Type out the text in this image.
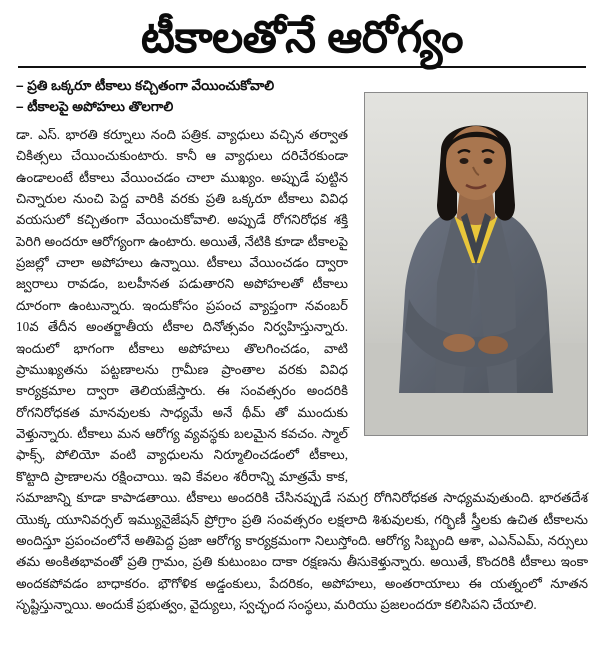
టీకాలతోనే ఆరోగ్యం
– ప్రతి ఒక్కరూ టీకాలు కచ్చితంగా వేయించుకోవాలి
– టీకాలపై అపోహలు తొలగాలి

డా. ఎస్. భారతి కర్నూలు నంది పత్రిక. వ్యాధులు వచ్చిన తర్వాత చికిత్సలు చేయించుకుంటారు. కానీ ఆ వ్యాధులు దరిచేరకుండా ఉండాలంటే టీకాలు వేయించడం చాలా ముఖ్యం. అప్పుడే పుట్టిన చిన్నారుల నుంచి పెద్ద వారికి వరకు ప్రతి ఒక్కరూ టీకాలు వివిధ వయసులో కచ్చితంగా వేయించుకోవాలి. అప్పుడే రోగనిరోధక శక్తి పెరిగి అందరూ ఆరోగ్యంగా ఉంటారు. అయితే, నేటికి కూడా టీకాలపై ప్రజల్లో చాలా అపోహలు ఉన్నాయి. టీకాలు వేయించడం ద్వారా జ్వరాలు రావడం, బలహీనత పడుతారని అపోహలతో టీకాలు దూరంగా ఉంటున్నారు. ఇందుకోసం ప్రపంచ వ్యాప్తంగా నవంబర్ 10వ తేదీన అంతర్జాతీయ టీకాల దినోత్సవం నిర్వహిస్తున్నారు. ఇందులో భాగంగా టీకాలు అపోహలు తొలగించడం, వాటి ప్రాముఖ్యతను పట్టణాలను గ్రామీణ ప్రాంతాల వరకు వివిధ కార్యక్రమాల ద్వారా తెలియజేస్తారు. ఈ సంవత్సరం అందరికి రోగనిరోధకత మానవులకు సాధ్యమే అనే థీమ్ తో ముందుకు వెళ్తున్నారు. టీకాలు మన ఆరోగ్య వ్యవస్థకు బలమైన కవచం. స్మాల్ ఫాక్స్, పోలియో వంటి వ్యాధులను నిర్మూలించడంలో టీకాలు, కొట్టాది ప్రాణాలను రక్షించాయి. ఇవి కేవలం శరీరాన్ని మాత్రమే కాక, సమాజాన్ని కూడా కాపాడతాయి. టీకాలు అందరికి చేసినప్పుడే సమగ్ర రోగినిరోధకత సాధ్యమవుతుంది. భారతదేశ యొక్క యూనివర్సల్ ఇమ్యునైజేషన్ ప్రోగ్రాం ప్రతి సంవత్సరం లక్షలాది శిశువులకు, గర్భిణీ స్త్రీలకు ఉచిత టీకాలను అందిస్తూ ప్రపంచంలోనే అతిపెద్ద ప్రజా ఆరోగ్య కార్యక్రమంగా నిలుస్తోంది. ఆరోగ్య సిబ్బంది ఆశా, ఎఎన్ఎమ్, నర్సులు తమ అంకితభావంతో ప్రతి గ్రామం, ప్రతి కుటుంబం దాకా రక్షణను తీసుకెళ్తున్నారు. అయితే, కొందరికి టీకాలు ఇంకా అందకపోవడం బాధాకరం. భౌగోళిక అడ్డంకులు, పేదరికం, అపోహలు, అంతరాయాలు ఈ యత్నంలో నూతన సృష్టిస్తున్నాయి. అందుకే ప్రభుత్వం, వైద్యులు, స్వచ్ఛంద సంస్థలు, మరియు ప్రజలందరూ కలిసిపని చేయాలి.
